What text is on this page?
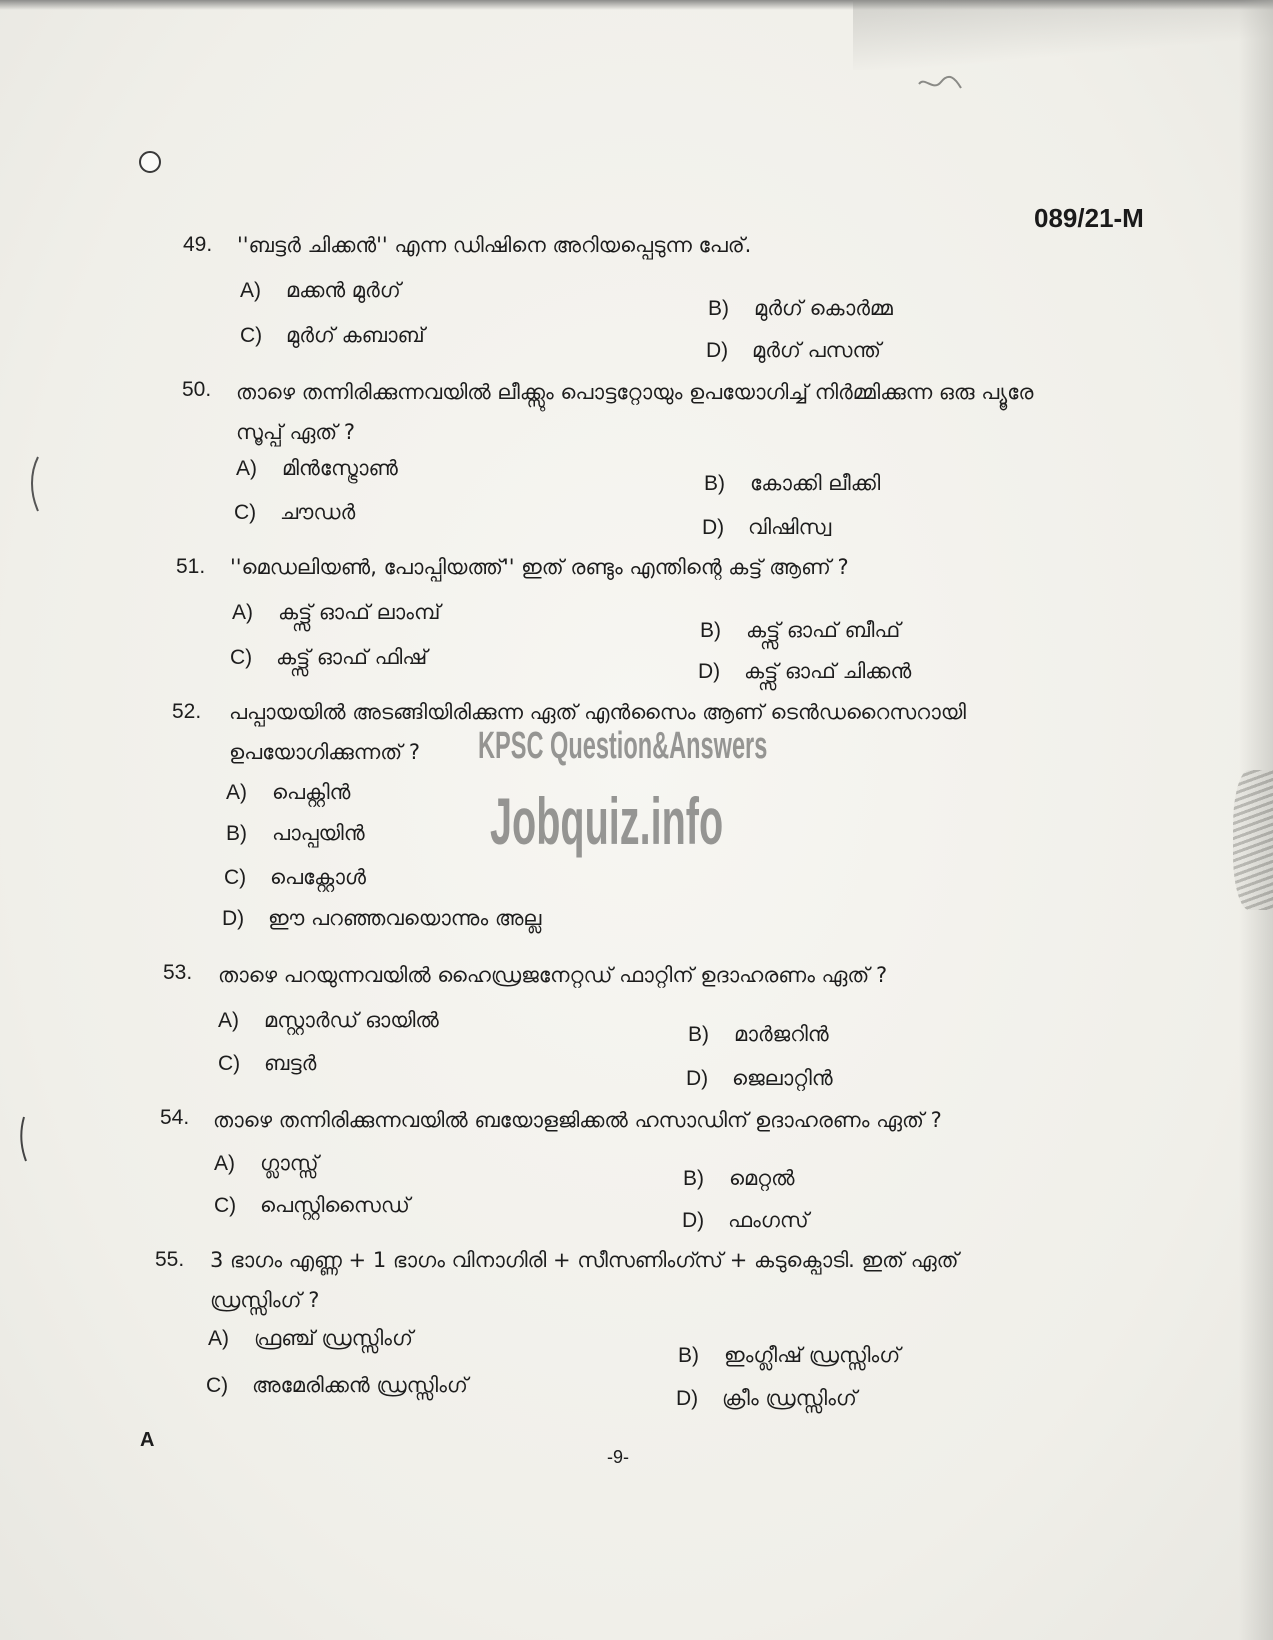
089/21-M
KPSC Question&Answers
Jobquiz.info
49. ''ബട്ടർ ചിക്കൻ'' എന്ന ഡിഷിനെ അറിയപ്പെടുന്ന പേര്.
A)	മക്കൻ മുർഗ്
B)	മുർഗ് കൊർമ്മ
C)	മുർഗ് കബാബ്
D)	മുർഗ് പസന്ത്
50. താഴെ തന്നിരിക്കുന്നവയിൽ ലീക്ക്സും പൊട്ടറ്റോയും ഉപയോഗിച്ച് നിർമ്മിക്കുന്ന ഒരു പ്യൂരേ സൂപ്പ് ഏത് ?
A)	മിൻസ്ട്രോൺ
B)	കോക്കി ലീക്കി
C)	ചൗഡർ
D)	വിഷിസ്വ
51. ''മെഡലിയൺ, പോപ്പിയത്ത്'' ഇത് രണ്ടും എന്തിന്റെ കട്ട് ആണ് ?
A)	കട്ട്സ് ഓഫ് ലാംമ്പ്
B)	കട്ട്സ് ഓഫ് ബീഫ്
C)	കട്ട്സ് ഓഫ് ഫിഷ്
D)	കട്ട്സ് ഓഫ് ചിക്കൻ
52. പപ്പായയിൽ അടങ്ങിയിരിക്കുന്ന ഏത് എൻസൈം ആണ് ടെൻഡറൈസറായി ഉപയോഗിക്കുന്നത് ?
A)	പെക്റ്റിൻ
B)	പാപ്പയിൻ
C)	പെക്റ്റോൾ
D)	ഈ പറഞ്ഞവയൊന്നും അല്ല
53. താഴെ പറയുന്നവയിൽ ഹൈഡ്രജനേറ്റഡ് ഫാറ്റിന് ഉദാഹരണം ഏത് ?
A)	മസ്റ്റാർഡ് ഓയിൽ
B)	മാർജറിൻ
C)	ബട്ടർ
D)	ജെലാറ്റിൻ
54. താഴെ തന്നിരിക്കുന്നവയിൽ ബയോളജിക്കൽ ഹസാഡിന് ഉദാഹരണം ഏത് ?
A)	ഗ്ലാസ്സ്
B)	മെറ്റൽ
C)	പെസ്റ്റിസൈഡ്
D)	ഫംഗസ്
55. 3 ഭാഗം എണ്ണ + 1 ഭാഗം വിനാഗിരി + സീസണിംഗ്സ് + കടുക്പൊടി. ഇത് ഏത് ഡ്രസ്സിംഗ് ?
A)	ഫ്രഞ്ച് ഡ്രസ്സിംഗ്
B)	ഇംഗ്ലീഷ് ഡ്രസ്സിംഗ്
C)	അമേരിക്കൻ ഡ്രസ്സിംഗ്
D)	ക്രീം ഡ്രസ്സിംഗ്
A
-9-
